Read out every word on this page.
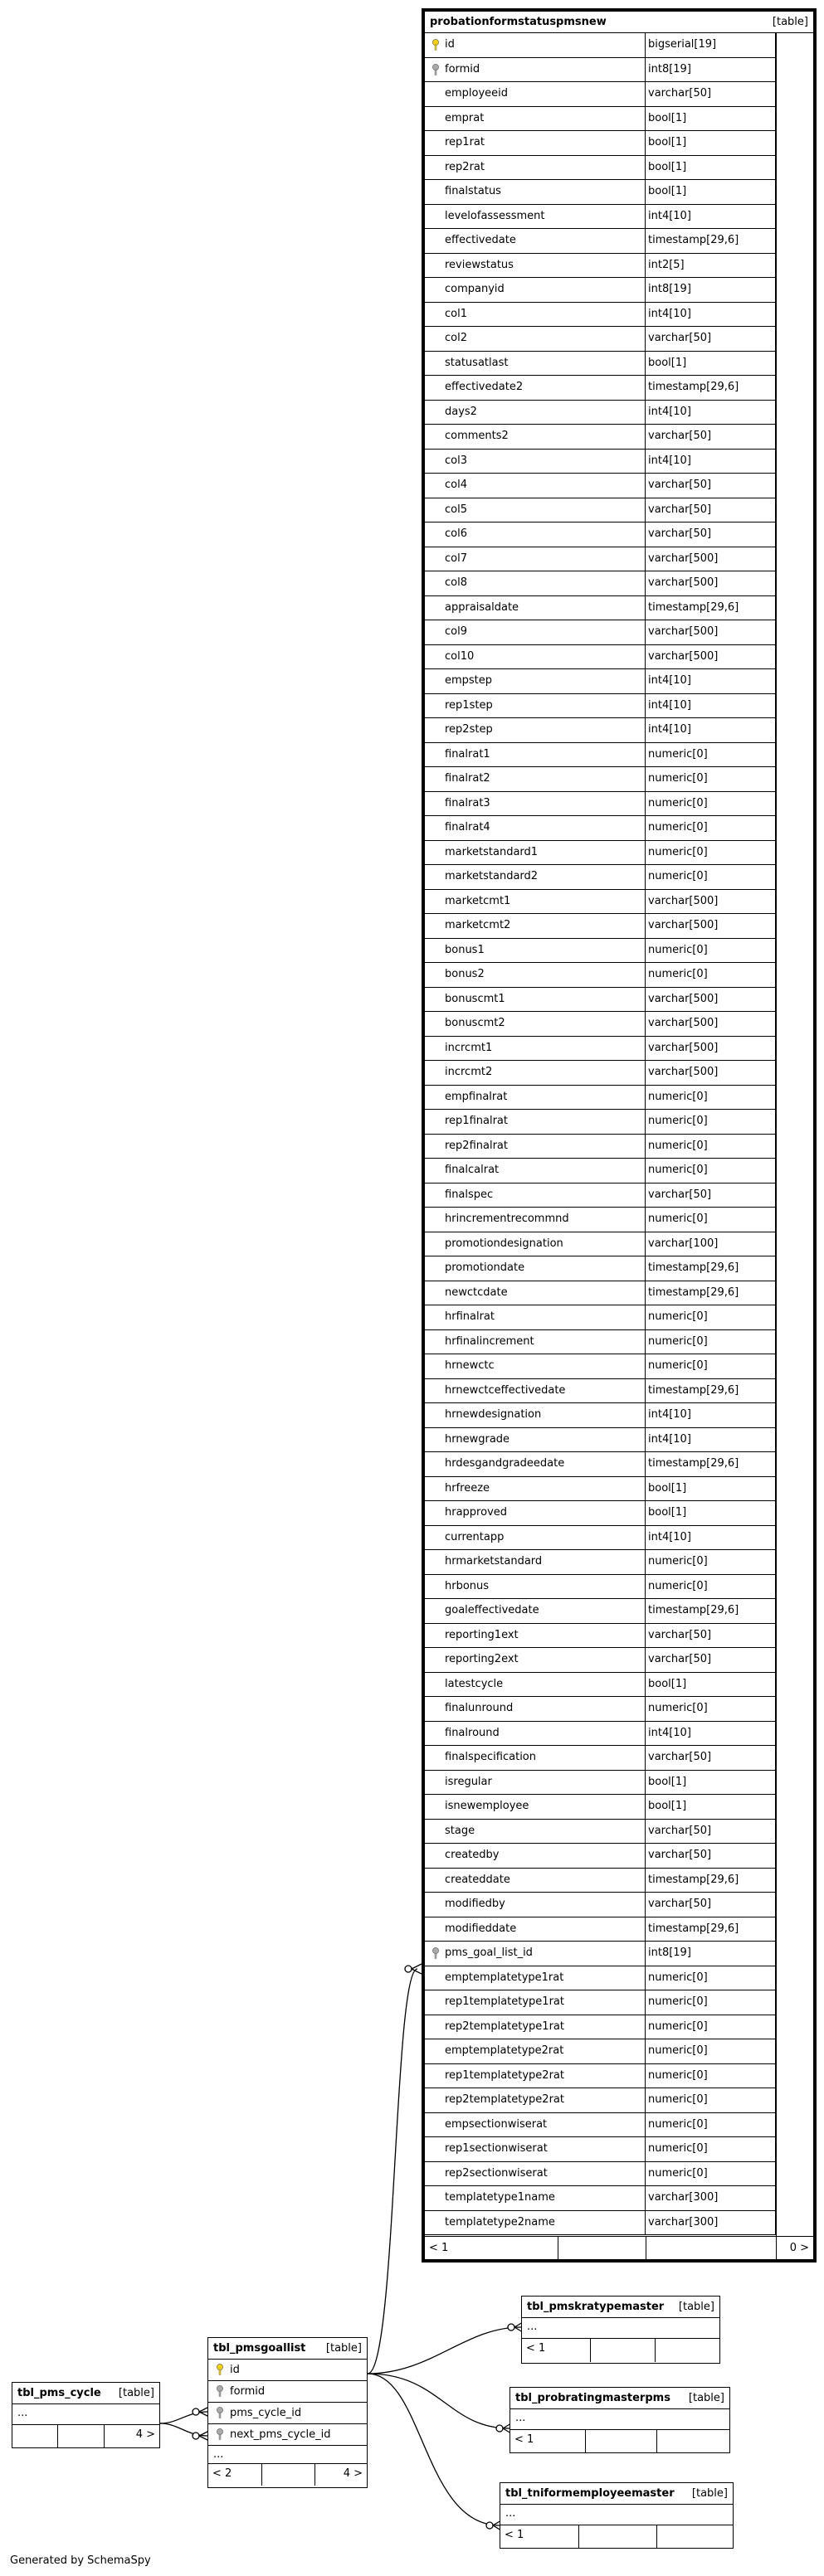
probationformstatuspmsnew	[table]
id	bigserial[19]
formid	int8[19]
employeeid	varchar[50]
emprat	bool[1]
rep1rat	bool[1]
rep2rat	bool[1]
finalstatus	bool[1]
levelofassessment	int4[10]
effectivedate	timestamp[29,6]
reviewstatus	int2[5]
companyid	int8[19]
col1	int4[10]
col2	varchar[50]
statusatlast	bool[1]
effectivedate2	timestamp[29,6]
days2	int4[10]
comments2	varchar[50]
col3	int4[10]
col4	varchar[50]
col5	varchar[50]
col6	varchar[50]
col7	varchar[500]
col8	varchar[500]
appraisaldate	timestamp[29,6]
col9	varchar[500]
col10	varchar[500]
empstep	int4[10]
rep1step	int4[10]
rep2step	int4[10]
finalrat1	numeric[0]
finalrat2	numeric[0]
finalrat3	numeric[0]
finalrat4	numeric[0]
marketstandard1	numeric[0]
marketstandard2	numeric[0]
marketcmt1	varchar[500]
marketcmt2	varchar[500]
bonus1	numeric[0]
bonus2	numeric[0]
bonuscmt1	varchar[500]
bonuscmt2	varchar[500]
incrcmt1	varchar[500]
incrcmt2	varchar[500]
empfinalrat	numeric[0]
rep1finalrat	numeric[0]
rep2finalrat	numeric[0]
finalcalrat	numeric[0]
finalspec	varchar[50]
hrincrementrecommnd	numeric[0]
promotiondesignation	varchar[100]
promotiondate	timestamp[29,6]
newctcdate	timestamp[29,6]
hrfinalrat	numeric[0]
hrfinalincrement	numeric[0]
hrnewctc	numeric[0]
hrnewctceffectivedate	timestamp[29,6]
hrnewdesignation	int4[10]
hrnewgrade	int4[10]
hrdesgandgradeedate	timestamp[29,6]
hrfreeze	bool[1]
hrapproved	bool[1]
currentapp	int4[10]
hrmarketstandard	numeric[0]
hrbonus	numeric[0]
goaleffectivedate	timestamp[29,6]
reporting1ext	varchar[50]
reporting2ext	varchar[50]
latestcycle	bool[1]
finalunround	numeric[0]
finalround	int4[10]
finalspecification	varchar[50]
isregular	bool[1]
isnewemployee	bool[1]
stage	varchar[50]
createdby	varchar[50]
createddate	timestamp[29,6]
modifiedby	varchar[50]
modifieddate	timestamp[29,6]
pms_goal_list_id	int8[19]
emptemplatetype1rat	numeric[0]
rep1templatetype1rat	numeric[0]
rep2templatetype1rat	numeric[0]
emptemplatetype2rat	numeric[0]
rep1templatetype2rat	numeric[0]
rep2templatetype2rat	numeric[0]
empsectionwiserat	numeric[0]
rep1sectionwiserat	numeric[0]
rep2sectionwiserat	numeric[0]
templatetype1name	varchar[300]
templatetype2name	varchar[300]
< 1	0 >
tbl_pmskratypemaster [table]
...
< 1
tbl_probratingmasterpms [table]
...
< 1
tbl_tniformemployeemaster [table]
...
< 1
tbl_pmsgoallist [table]
id
formid
pms_cycle_id
next_pms_cycle_id
...
< 2	4 >
tbl_pms_cycle [table]
...
4 >
Generated by SchemaSpy
